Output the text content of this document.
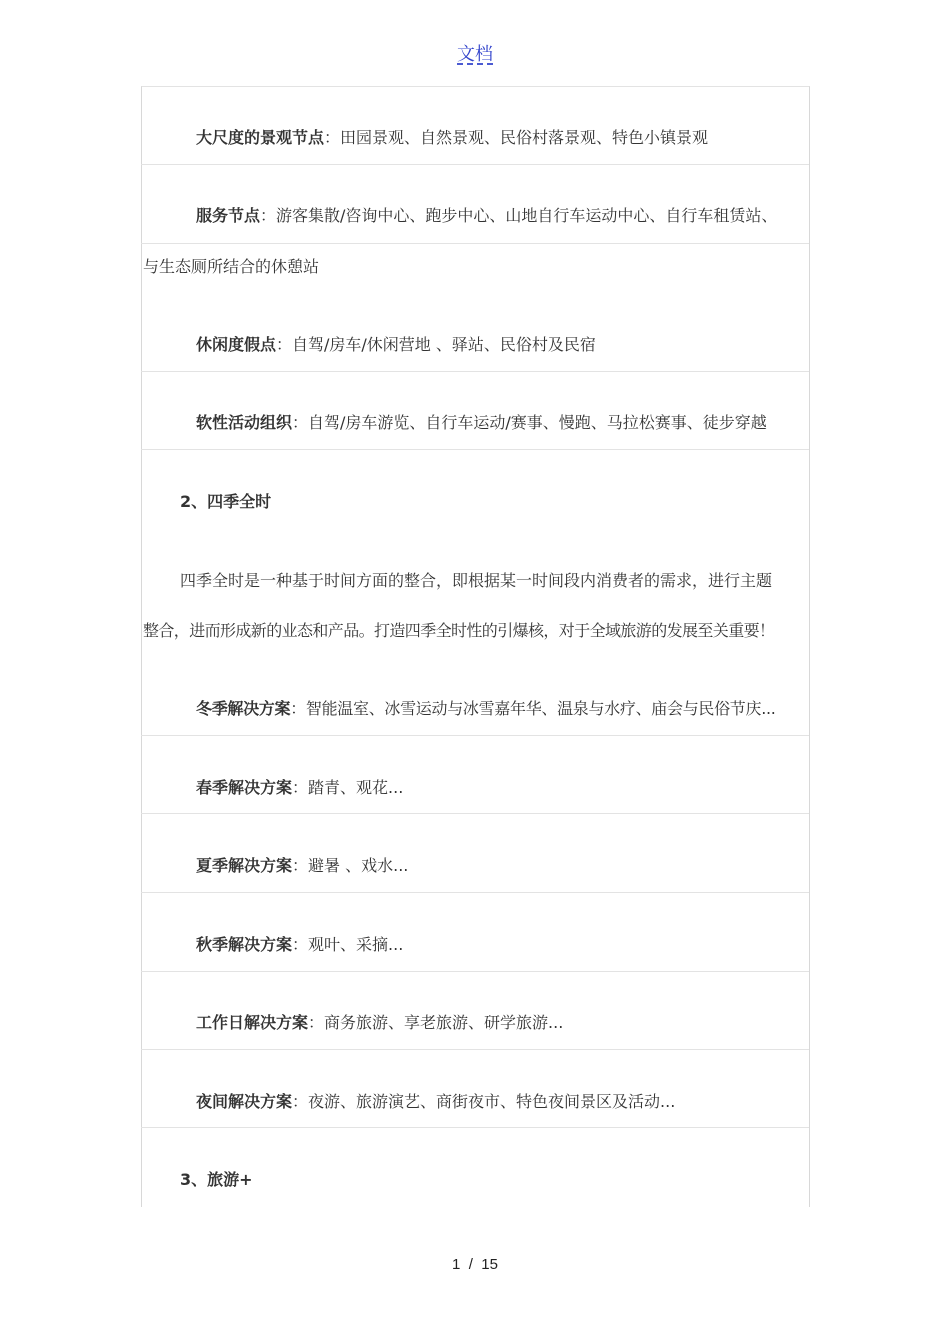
文档
大尺度的景观节点：田园景观、自然景观、民俗村落景观、特色小镇景观
服务节点：游客集散/咨询中心、跑步中心、山地自行车运动中心、自行车租赁站、
与生态厕所结合的休憩站
休闲度假点：自驾/房车/休闲营地 、驿站、民俗村及民宿
软性活动组织：自驾/房车游览、自行车运动/赛事、慢跑、马拉松赛事、徒步穿越
2、四季全时
四季全时是一种基于时间方面的整合，即根据某一时间段内消费者的需求，进行主题
整合，进而形成新的业态和产品。打造四季全时性的引爆核，对于全域旅游的发展至关重要！
冬季解决方案：智能温室、冰雪运动与冰雪嘉年华、温泉与水疗、庙会与民俗节庆...
春季解决方案：踏青、观花...
夏季解决方案：避暑 、戏水...
秋季解决方案：观叶、采摘...
工作日解决方案：商务旅游、享老旅游、研学旅游...
夜间解决方案：夜游、旅游演艺、商街夜市、特色夜间景区及活动...
3、旅游+
1 / 15
